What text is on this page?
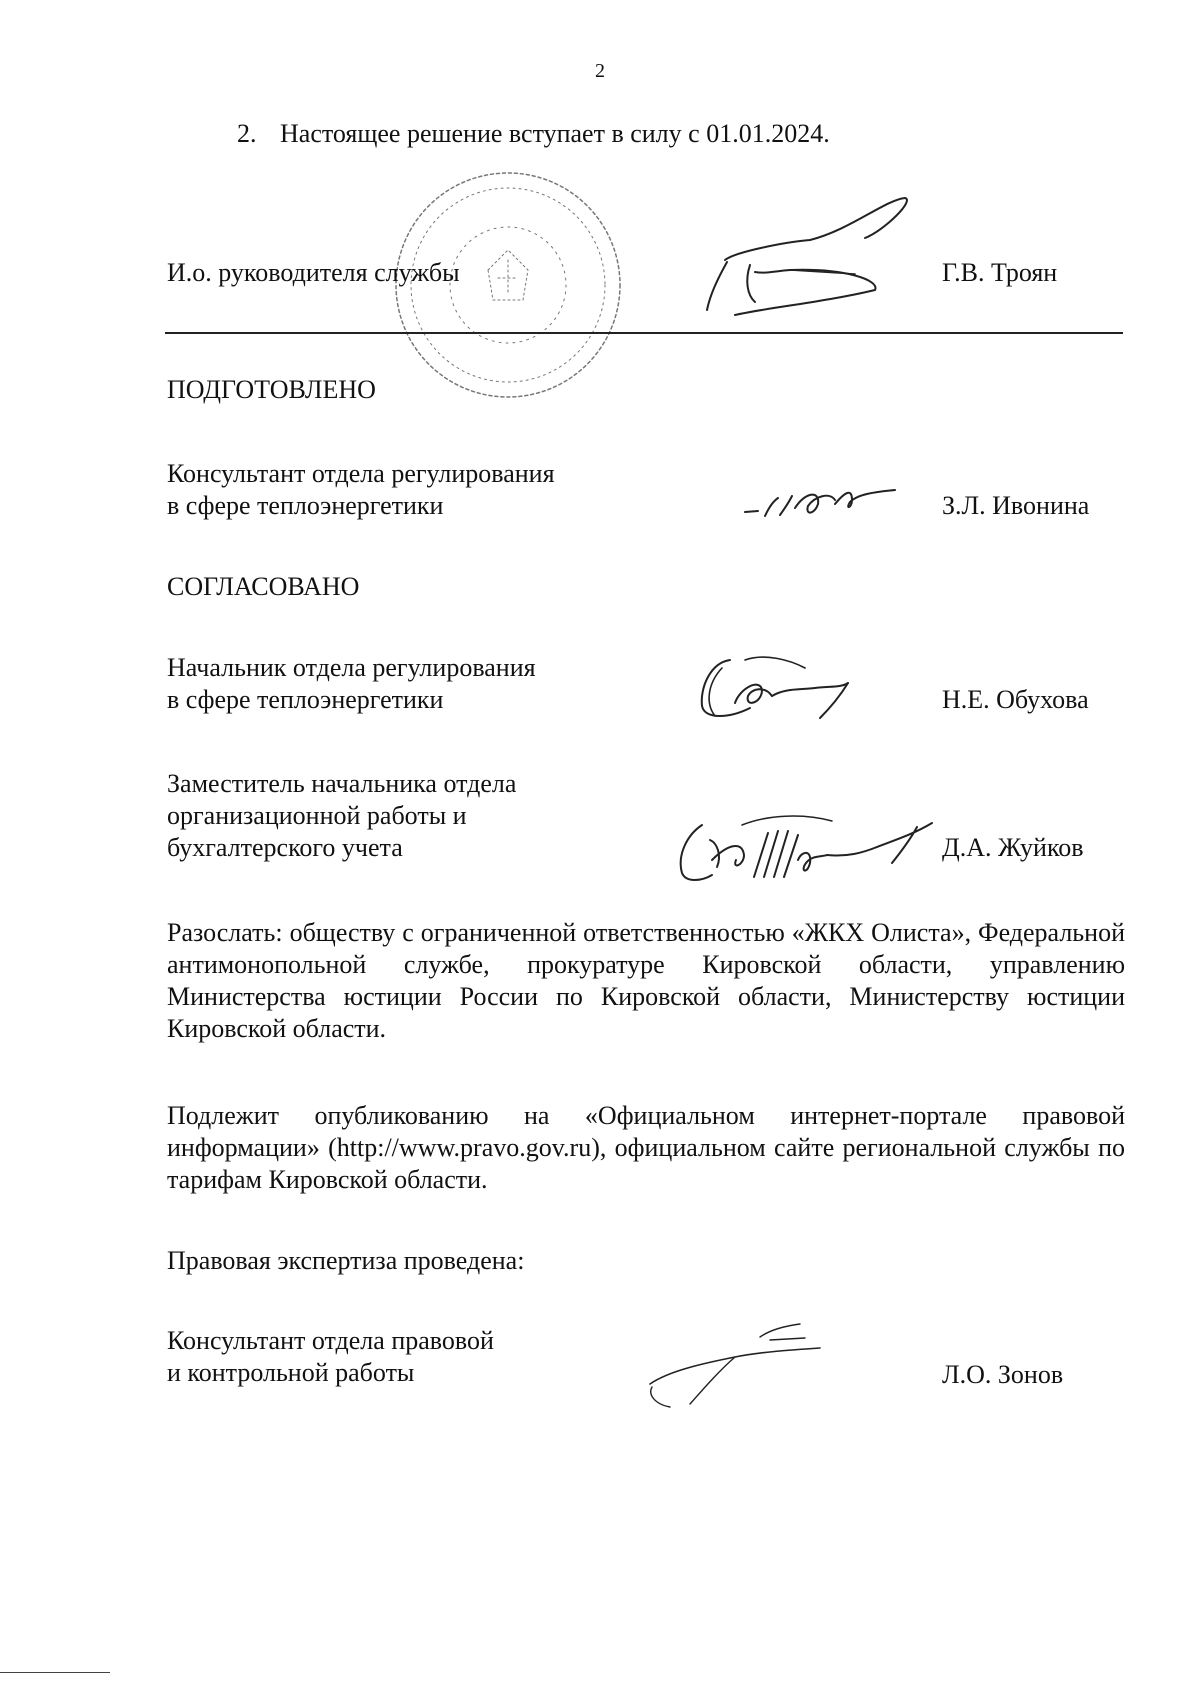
2
2. Настоящее решение вступает в силу с 01.01.2024.
И.о. руководителя службы	Г.В. Троян
ПОДГОТОВЛЕНО
Консультант отдела регулирования
в сфере теплоэнергетики	З.Л. Ивонина
СОГЛАСОВАНО
Начальник отдела регулирования
в сфере теплоэнергетики	Н.Е. Обухова
Заместитель начальника отдела
организационной работы и
бухгалтерского учета	Д.А. Жуйков
Разослать: обществу с ограниченной ответственностью «ЖКХ Олиста», Федеральной антимонопольной службе, прокуратуре Кировской области, управлению Министерства юстиции России по Кировской области, Министерству юстиции Кировской области.
Подлежит опубликованию на «Официальном интернет-портале правовой информации» (http://www.pravo.gov.ru), официальном сайте региональной службы по тарифам Кировской области.
Правовая экспертиза проведена:
Консультант отдела правовой
и контрольной работы	Л.О. Зонов
